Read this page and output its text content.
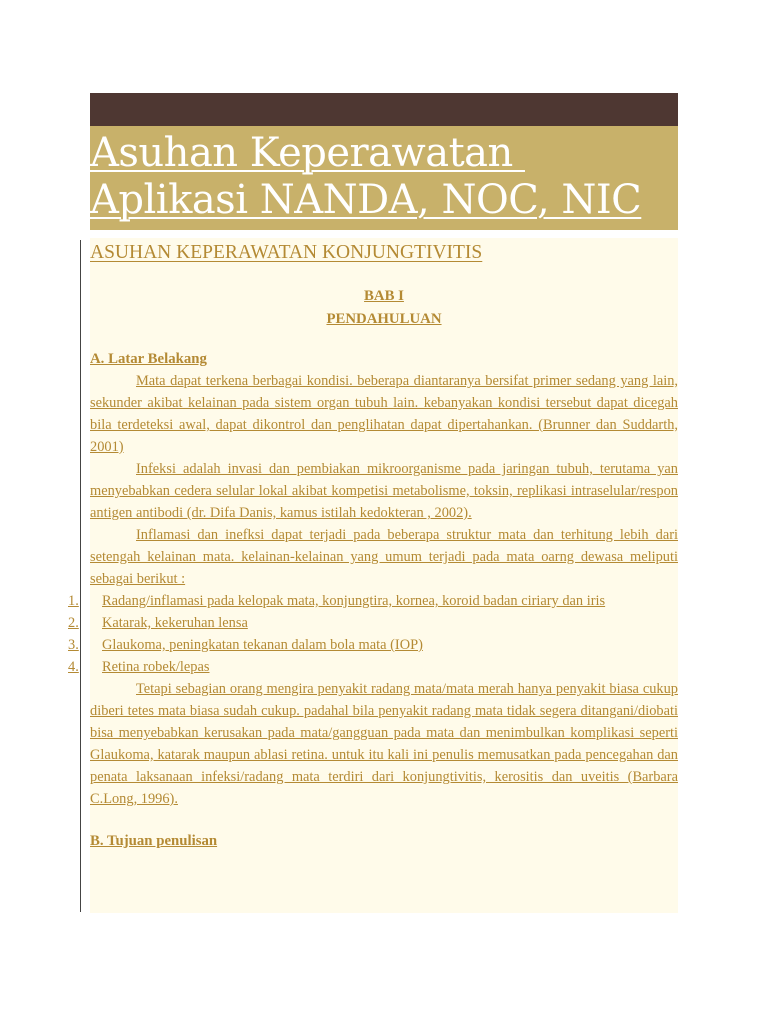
Asuhan Keperawatan
Aplikasi NANDA, NOC, NIC
ASUHAN KEPERAWATAN KONJUNGTIVITIS
BAB I
PENDAHULUAN
A. Latar Belakang

Mata dapat terkena berbagai kondisi. beberapa diantaranya bersifat primer sedang yang lain, sekunder akibat kelainan pada sistem organ tubuh lain. kebanyakan kondisi tersebut dapat dicegah bila terdeteksi awal, dapat dikontrol dan penglihatan dapat dipertahankan. (Brunner dan Suddarth, 2001)

Infeksi adalah invasi dan pembiakan mikroorganisme pada jaringan tubuh, terutama yan menyebabkan cedera selular lokal akibat kompetisi metabolisme, toksin, replikasi intraselular/respon antigen antibodi (dr. Difa Danis, kamus istilah kedokteran , 2002).

Inflamasi dan inefksi dapat terjadi pada beberapa struktur mata dan terhitung lebih dari setengah kelainan mata. kelainan-kelainan yang umum terjadi pada mata oarng dewasa meliputi sebagai berikut :

1.	Radang/inflamasi pada kelopak mata, konjungtira, kornea, koroid badan ciriary dan iris
2.	Katarak, kekeruhan lensa
3.	Glaukoma, peningkatan tekanan dalam bola mata (IOP)
4.	Retina robek/lepas

Tetapi sebagian orang mengira penyakit radang mata/mata merah hanya penyakit biasa cukup diberi tetes mata biasa sudah cukup. padahal bila penyakit radang mata tidak segera ditangani/diobati bisa menyebabkan kerusakan pada mata/gangguan pada mata dan menimbulkan komplikasi seperti Glaukoma, katarak maupun ablasi retina. untuk itu kali ini penulis memusatkan pada pencegahan dan penata laksanaan infeksi/radang mata terdiri dari konjungtivitis, kerositis dan uveitis (Barbara C.Long, 1996).

B. Tujuan penulisan
